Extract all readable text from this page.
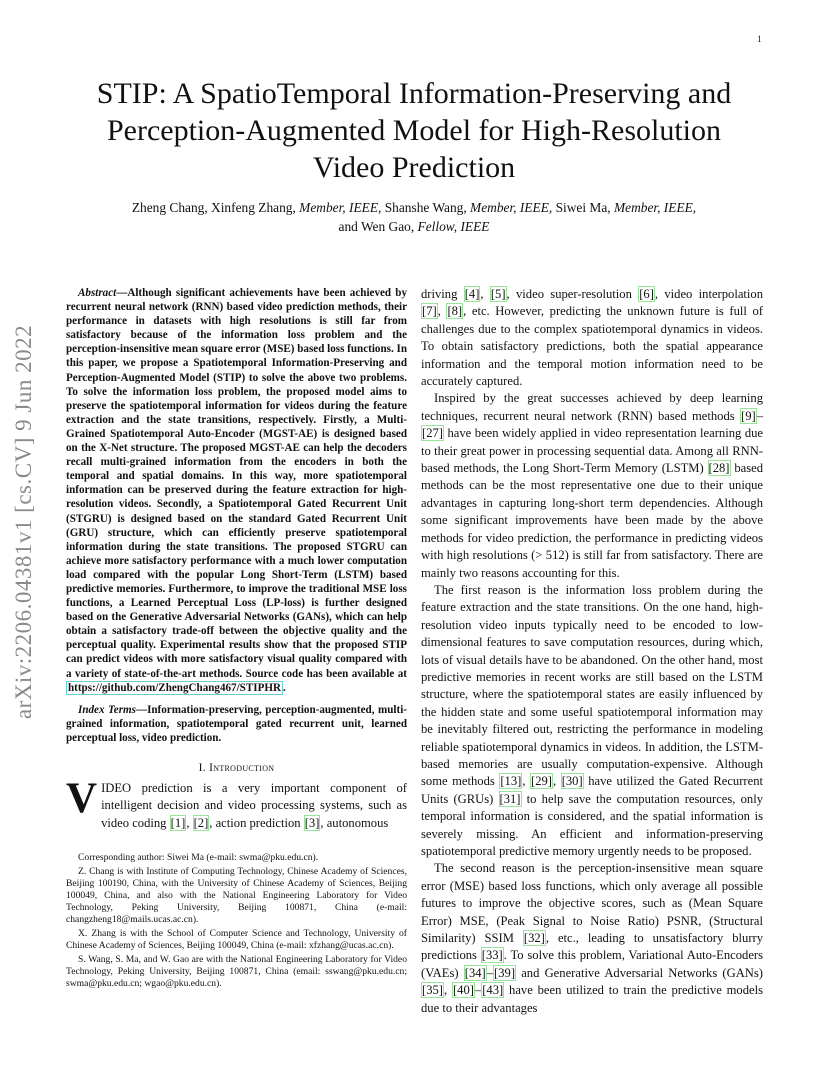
1
arXiv:2206.04381v1 [cs.CV] 9 Jun 2022
STIP: A SpatioTemporal Information-Preserving and Perception-Augmented Model for High-Resolution Video Prediction
Zheng Chang, Xinfeng Zhang, Member, IEEE, Shanshe Wang, Member, IEEE, Siwei Ma, Member, IEEE,
and Wen Gao, Fellow, IEEE

Abstract—Although significant achievements have been achieved by recurrent neural network (RNN) based video prediction methods, their performance in datasets with high resolutions is still far from satisfactory because of the information loss problem and the perception-insensitive mean square error (MSE) based loss functions. In this paper, we propose a Spatiotemporal Information-Preserving and Perception-Augmented Model (STIP) to solve the above two problems. To solve the information loss problem, the proposed model aims to preserve the spatiotemporal information for videos during the feature extraction and the state transitions, respectively. Firstly, a Multi-Grained Spatiotemporal Auto-Encoder (MGST-AE) is designed based on the X-Net structure. The proposed MGST-AE can help the decoders recall multi-grained information from the encoders in both the temporal and spatial domains. In this way, more spatiotemporal information can be preserved during the feature extraction for high-resolution videos. Secondly, a Spatiotemporal Gated Recurrent Unit (STGRU) is designed based on the standard Gated Recurrent Unit (GRU) structure, which can efficiently preserve spatiotemporal information during the state transitions. The proposed STGRU can achieve more satisfactory performance with a much lower computation load compared with the popular Long Short-Term (LSTM) based predictive memories. Furthermore, to improve the traditional MSE loss functions, a Learned Perceptual Loss (LP-loss) is further designed based on the Generative Adversarial Networks (GANs), which can help obtain a satisfactory trade-off between the objective quality and the perceptual quality. Experimental results show that the proposed STIP can predict videos with more satisfactory visual quality compared with a variety of state-of-the-art methods. Source code has been available at https://github.com/ZhengChang467/STIPHR .

Index Terms—Information-preserving, perception-augmented, multi-grained information, spatiotemporal gated recurrent unit, learned perceptual loss, video prediction.

I. Introduction

VIDEO prediction is a very important component of intelligent decision and video processing systems, such as video coding [1], [2], action prediction [3], autonomous

Corresponding author: Siwei Ma (e-mail: swma@pku.edu.cn).

Z. Chang is with Institute of Computing Technology, Chinese Academy of Sciences, Beijing 100190, China, with the University of Chinese Academy of Sciences, Beijing 100049, China, and also with the National Engineering Laboratory for Video Technology, Peking University, Beijing 100871, China (e-mail: changzheng18@mails.ucas.ac.cn).

X. Zhang is with the School of Computer Science and Technology, University of Chinese Academy of Sciences, Beijing 100049, China (e-mail: xfzhang@ucas.ac.cn).

S. Wang, S. Ma, and W. Gao are with the National Engineering Laboratory for Video Technology, Peking University, Beijing 100871, China (email: sswang@pku.edu.cn; swma@pku.edu.cn; wgao@pku.edu.cn).

driving [4], [5], video super-resolution [6], video interpolation [7], [8], etc. However, predicting the unknown future is full of challenges due to the complex spatiotemporal dynamics in videos. To obtain satisfactory predictions, both the spatial appearance information and the temporal motion information need to be accurately captured.

Inspired by the great successes achieved by deep learning techniques, recurrent neural network (RNN) based methods [9]–[27] have been widely applied in video representation learning due to their great power in processing sequential data. Among all RNN-based methods, the Long Short-Term Memory (LSTM) [28] based methods can be the most representative one due to their unique advantages in capturing long-short term dependencies. Although some significant improvements have been made by the above methods for video prediction, the performance in predicting videos with high resolutions (> 512) is still far from satisfactory. There are mainly two reasons accounting for this.

The first reason is the information loss problem during the feature extraction and the state transitions. On the one hand, high-resolution video inputs typically need to be encoded to low-dimensional features to save computation resources, during which, lots of visual details have to be abandoned. On the other hand, most predictive memories in recent works are still based on the LSTM structure, where the spatiotemporal states are easily influenced by the hidden state and some useful spatiotemporal information may be inevitably filtered out, restricting the performance in modeling reliable spatiotemporal dynamics in videos. In addition, the LSTM-based memories are usually computation-expensive. Although some methods [13], [29], [30] have utilized the Gated Recurrent Units (GRUs) [31] to help save the computation resources, only temporal information is considered, and the spatial information is severely missing. An efficient and information-preserving spatiotemporal predictive memory urgently needs to be proposed.

The second reason is the perception-insensitive mean square error (MSE) based loss functions, which only average all possible futures to improve the objective scores, such as (Mean Square Error) MSE, (Peak Signal to Noise Ratio) PSNR, (Structural Similarity) SSIM [32], etc., leading to unsatisfactory blurry predictions [33]. To solve this problem, Variational Auto-Encoders (VAEs) [34]–[39] and Generative Adversarial Networks (GANs) [35], [40]–[43] have been utilized to train the predictive models due to their advantages
